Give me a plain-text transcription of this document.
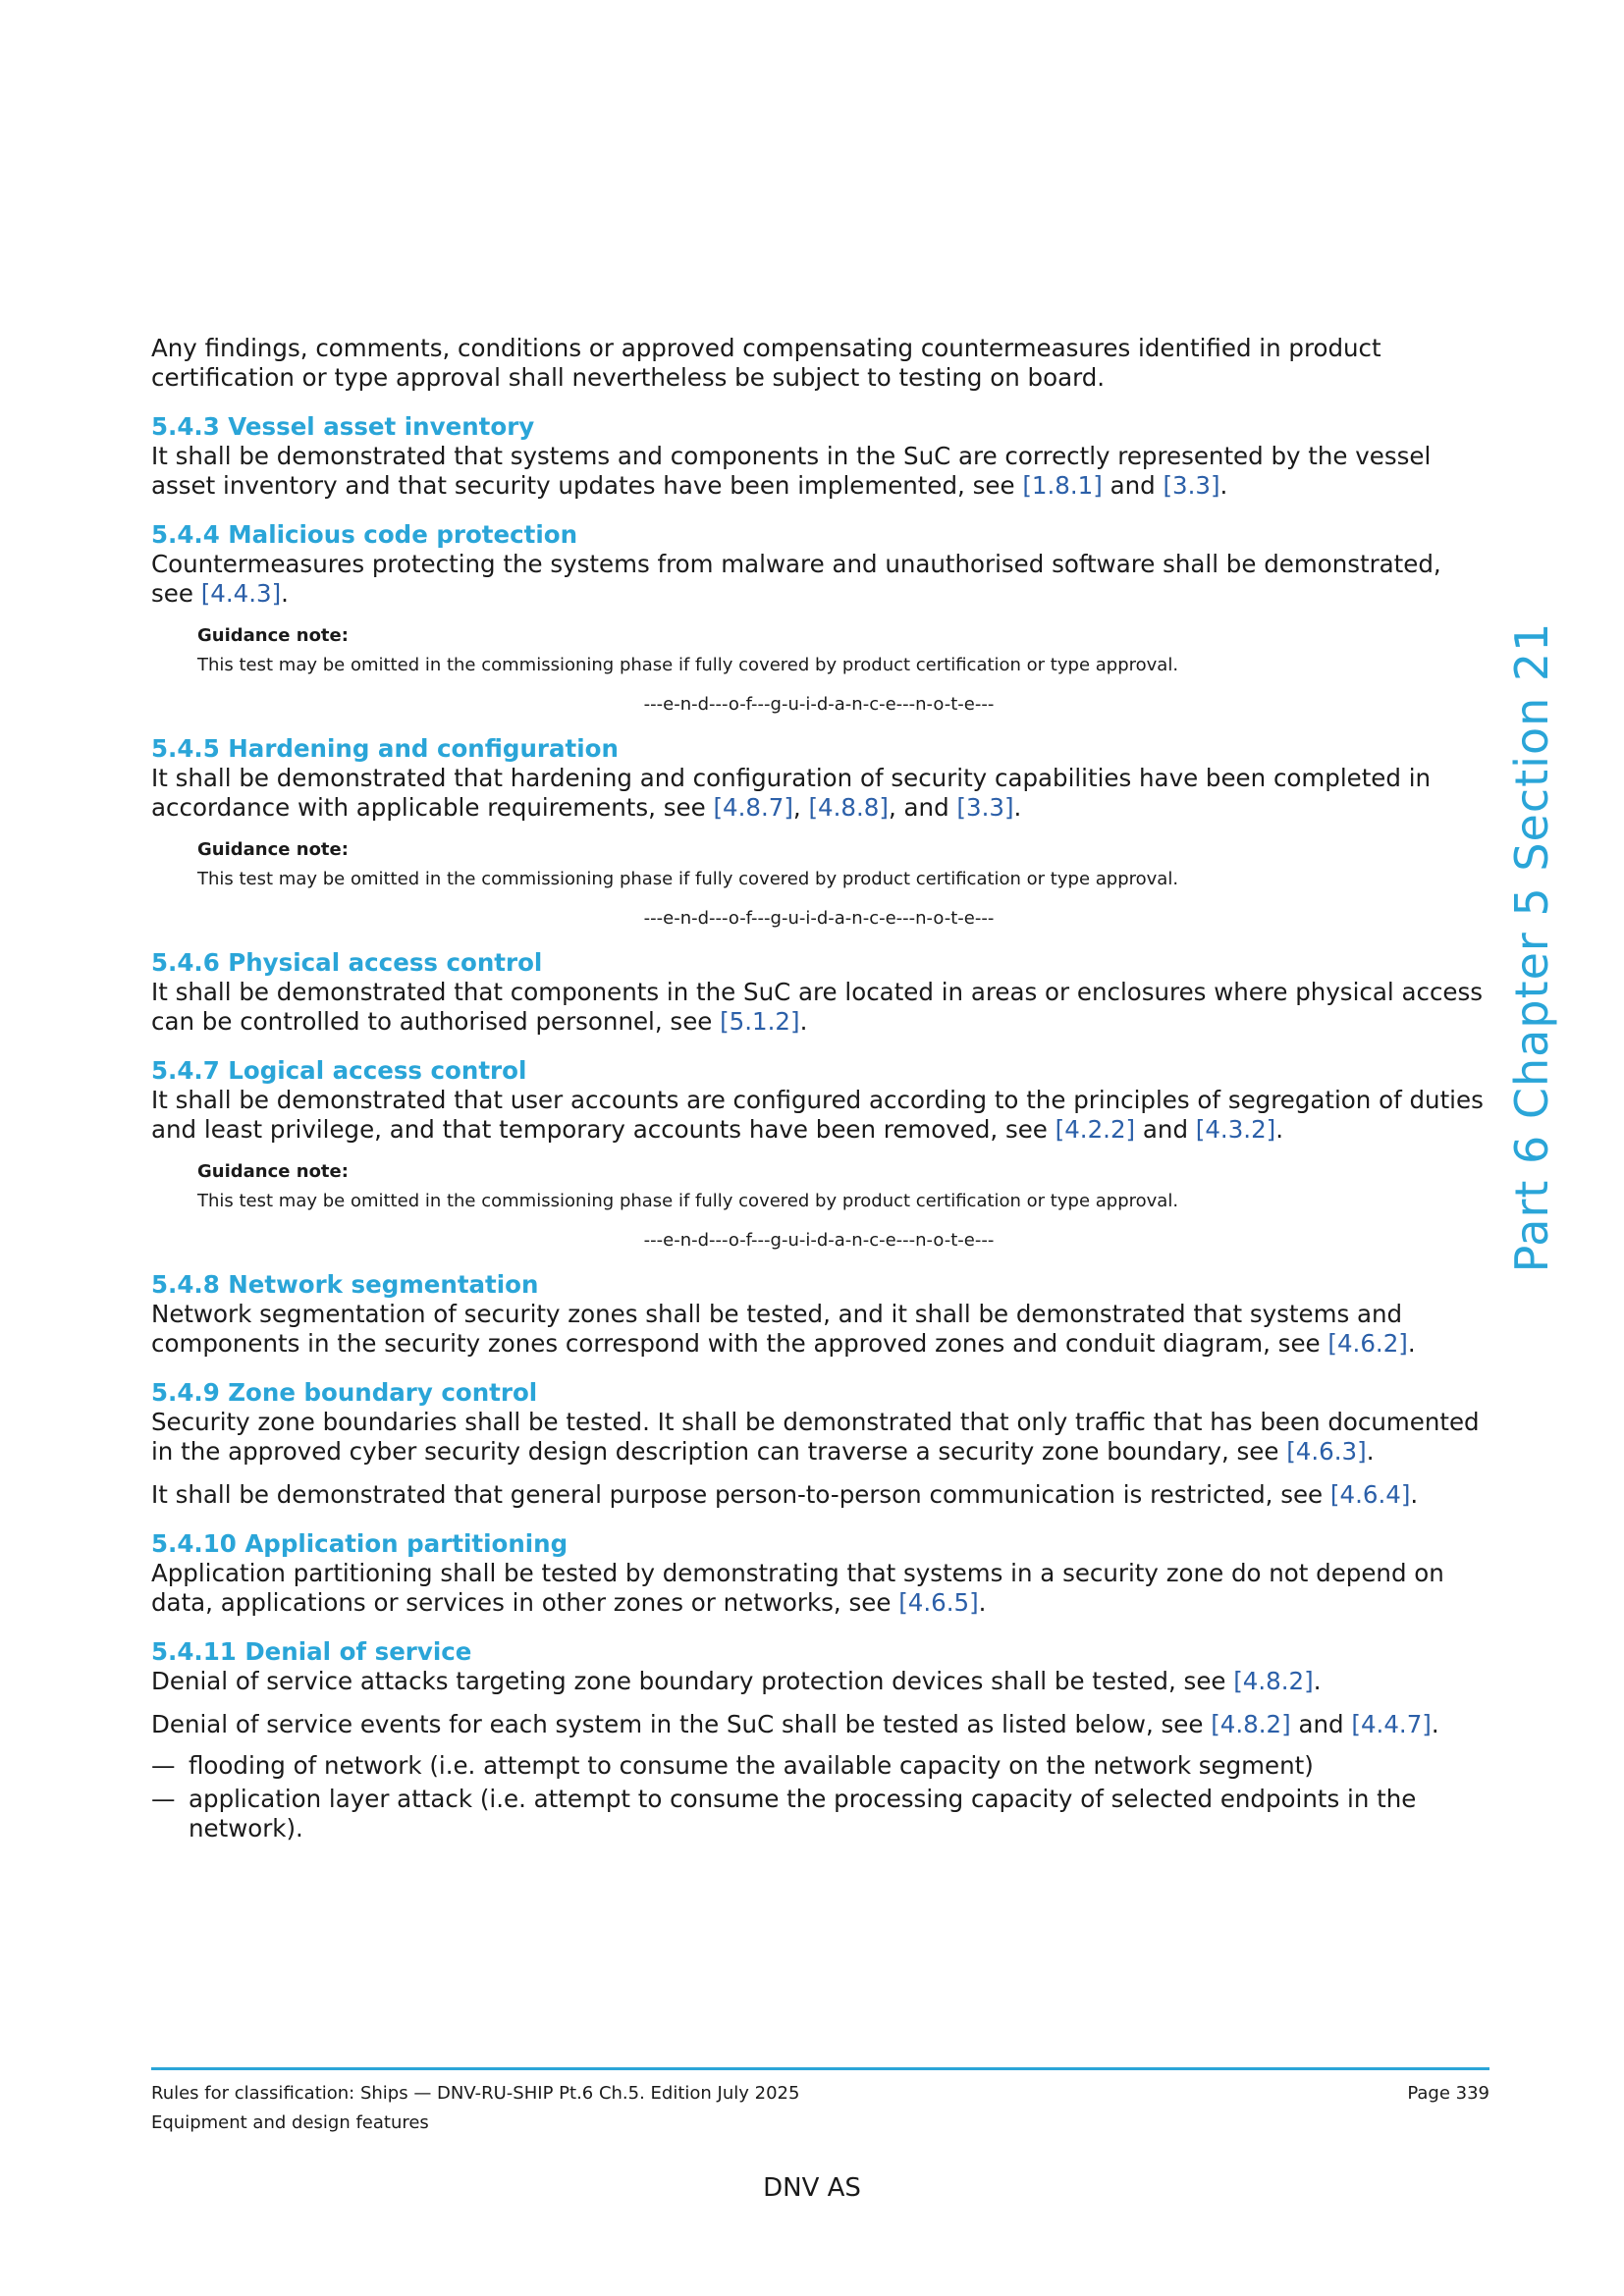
Part 6 Chapter 5 Section 21

Any findings, comments, conditions or approved compensating countermeasures identified in product certification or type approval shall nevertheless be subject to testing on board.

5.4.3 Vessel asset inventory

It shall be demonstrated that systems and components in the SuC are correctly represented by the vessel asset inventory and that security updates have been implemented, see [1.8.1] and [3.3].

5.4.4 Malicious code protection

Countermeasures protecting the systems from malware and unauthorised software shall be demonstrated, see [4.4.3].

Guidance note:
This test may be omitted in the commissioning phase if fully covered by product certification or type approval.
---e-n-d---o-f---g-u-i-d-a-n-c-e---n-o-t-e---
5.4.5 Hardening and configuration

It shall be demonstrated that hardening and configuration of security capabilities have been completed in accordance with applicable requirements, see [4.8.7], [4.8.8], and [3.3].

Guidance note:
This test may be omitted in the commissioning phase if fully covered by product certification or type approval.
---e-n-d---o-f---g-u-i-d-a-n-c-e---n-o-t-e---
5.4.6 Physical access control

It shall be demonstrated that components in the SuC are located in areas or enclosures where physical access can be controlled to authorised personnel, see [5.1.2].

5.4.7 Logical access control

It shall be demonstrated that user accounts are configured according to the principles of segregation of duties and least privilege, and that temporary accounts have been removed, see [4.2.2] and [4.3.2].

Guidance note:
This test may be omitted in the commissioning phase if fully covered by product certification or type approval.
---e-n-d---o-f---g-u-i-d-a-n-c-e---n-o-t-e---
5.4.8 Network segmentation

Network segmentation of security zones shall be tested, and it shall be demonstrated that systems and components in the security zones correspond with the approved zones and conduit diagram, see [4.6.2].

5.4.9 Zone boundary control

Security zone boundaries shall be tested. It shall be demonstrated that only traffic that has been documented in the approved cyber security design description can traverse a security zone boundary, see [4.6.3].

It shall be demonstrated that general purpose person-to-person communication is restricted, see [4.6.4].

5.4.10 Application partitioning

Application partitioning shall be tested by demonstrating that systems in a security zone do not depend on data, applications or services in other zones or networks, see [4.6.5].

5.4.11 Denial of service

Denial of service attacks targeting zone boundary protection devices shall be tested, see [4.8.2].

Denial of service events for each system in the SuC shall be tested as listed below, see [4.8.2] and [4.4.7].

— flooding of network (i.e. attempt to consume the available capacity on the network segment)
— application layer attack (i.e. attempt to consume the processing capacity of selected endpoints in the network).
Rules for classification: Ships — DNV-RU-SHIP Pt.6 Ch.5. Edition July 2025
Equipment and design features
Page 339
DNV AS
